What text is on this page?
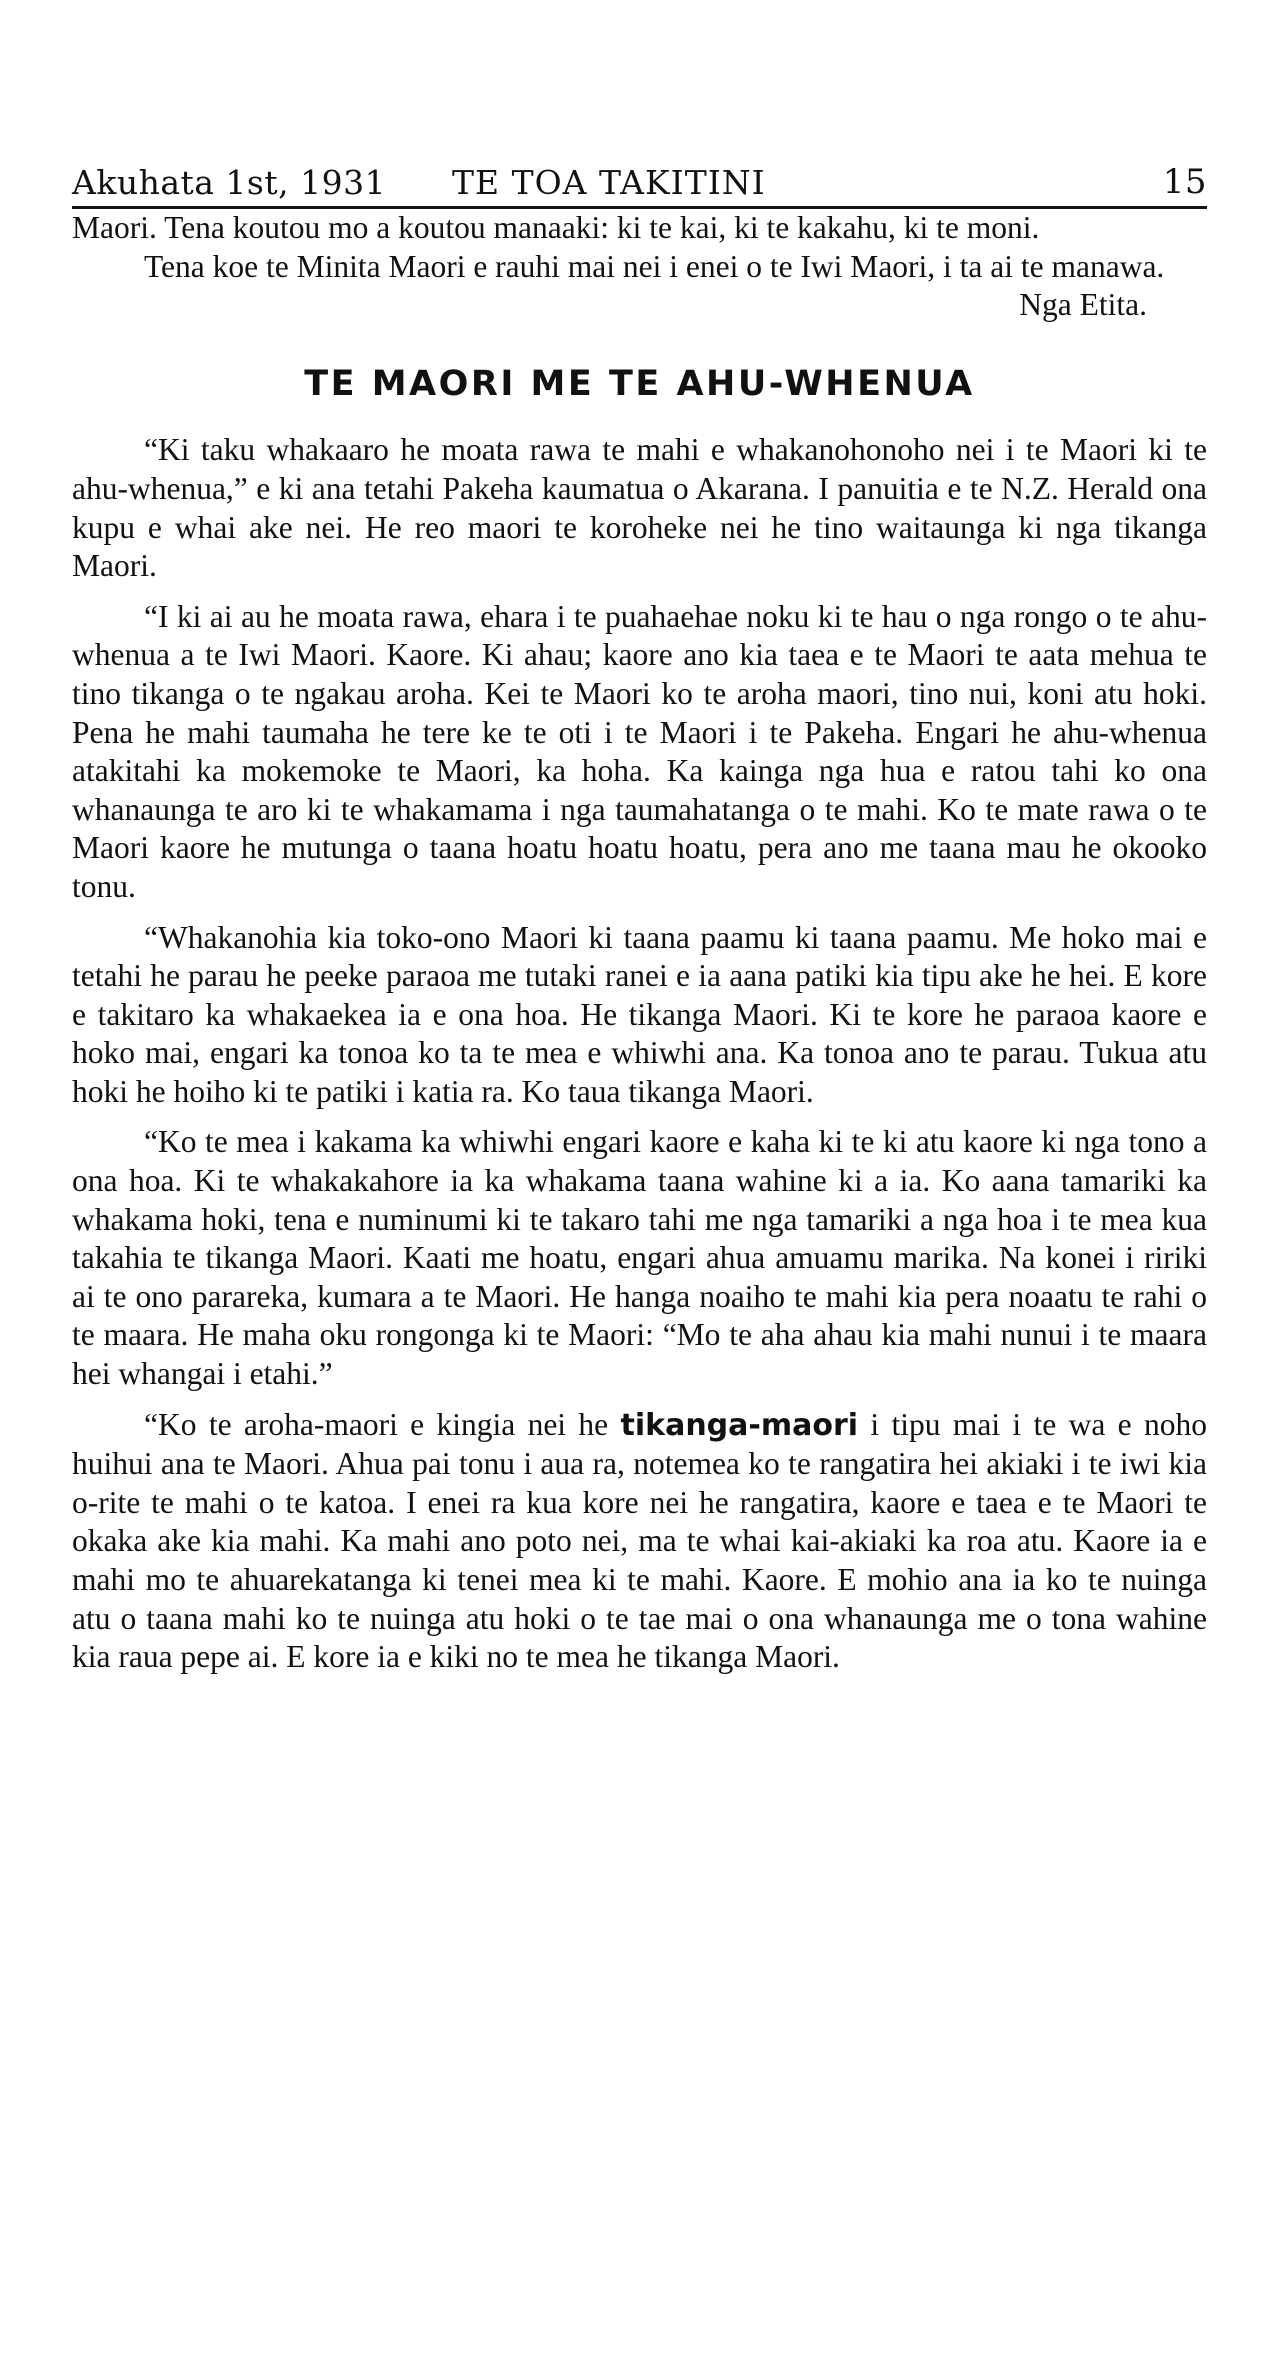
Akuhata 1st, 1931	TE TOA TAKITINI	15

Maori. Tena koutou mo a koutou manaaki: ki te kai, ki te kakahu, ki te moni.

Tena koe te Minita Maori e rauhi mai nei i enei o te Iwi Maori, i ta ai te manawa.

Nga Etita.

TE MAORI ME TE AHU-WHENUA

“Ki taku whakaaro he moata rawa te mahi e whakanohonoho nei i te Maori ki te ahu-whenua,” e ki ana tetahi Pakeha kaumatua o Akarana. I panuitia e te N.Z. Herald ona kupu e whai ake nei. He reo maori te koroheke nei he tino waitaunga ki nga tikanga Maori.

“I ki ai au he moata rawa, ehara i te puahaehae noku ki te hau o nga rongo o te ahu-whenua a te Iwi Maori. Kaore. Ki ahau; kaore ano kia taea e te Maori te aata mehua te tino tikanga o te ngakau aroha. Kei te Maori ko te aroha maori, tino nui, koni atu hoki. Pena he mahi taumaha he tere ke te oti i te Maori i te Pakeha. Engari he ahu-whenua atakitahi ka mokemoke te Maori, ka hoha. Ka kainga nga hua e ratou tahi ko ona whanaunga te aro ki te whakamama i nga taumahatanga o te mahi. Ko te mate rawa o te Maori kaore he mutunga o taana hoatu hoatu hoatu, pera ano me taana mau he okooko tonu.

“Whakanohia kia toko-ono Maori ki taana paamu ki taana paamu. Me hoko mai e tetahi he parau he peeke paraoa me tutaki ranei e ia aana patiki kia tipu ake he hei. E kore e takitaro ka whakaekea ia e ona hoa. He tikanga Maori. Ki te kore he paraoa kaore e hoko mai, engari ka tonoa ko ta te mea e whiwhi ana. Ka tonoa ano te parau. Tukua atu hoki he hoiho ki te patiki i katia ra. Ko taua tikanga Maori.

“Ko te mea i kakama ka whiwhi engari kaore e kaha ki te ki atu kaore ki nga tono a ona hoa. Ki te whakakahore ia ka whakama taana wahine ki a ia. Ko aana tamariki ka whakama hoki, tena e numinumi ki te takaro tahi me nga tamariki a nga hoa i te mea kua takahia te tikanga Maori. Kaati me hoatu, engari ahua amuamu marika. Na konei i ririki ai te ono parareka, kumara a te Maori. He hanga noaiho te mahi kia pera noaatu te rahi o te maara. He maha oku rongonga ki te Maori: “Mo te aha ahau kia mahi nunui i te maara hei whangai i etahi.”

“Ko te aroha-maori e kingia nei he tikanga-maori i tipu mai i te wa e noho huihui ana te Maori. Ahua pai tonu i aua ra, notemea ko te rangatira hei akiaki i te iwi kia o-rite te mahi o te katoa. I enei ra kua kore nei he rangatira, kaore e taea e te Maori te okaka ake kia mahi. Ka mahi ano poto nei, ma te whai kai-akiaki ka roa atu. Kaore ia e mahi mo te ahuarekatanga ki tenei mea ki te mahi. Kaore. E mohio ana ia ko te nuinga atu o taana mahi ko te nuinga atu hoki o te tae mai o ona whanaunga me o tona wahine kia raua pepe ai. E kore ia e kiki no te mea he tikanga Maori.
